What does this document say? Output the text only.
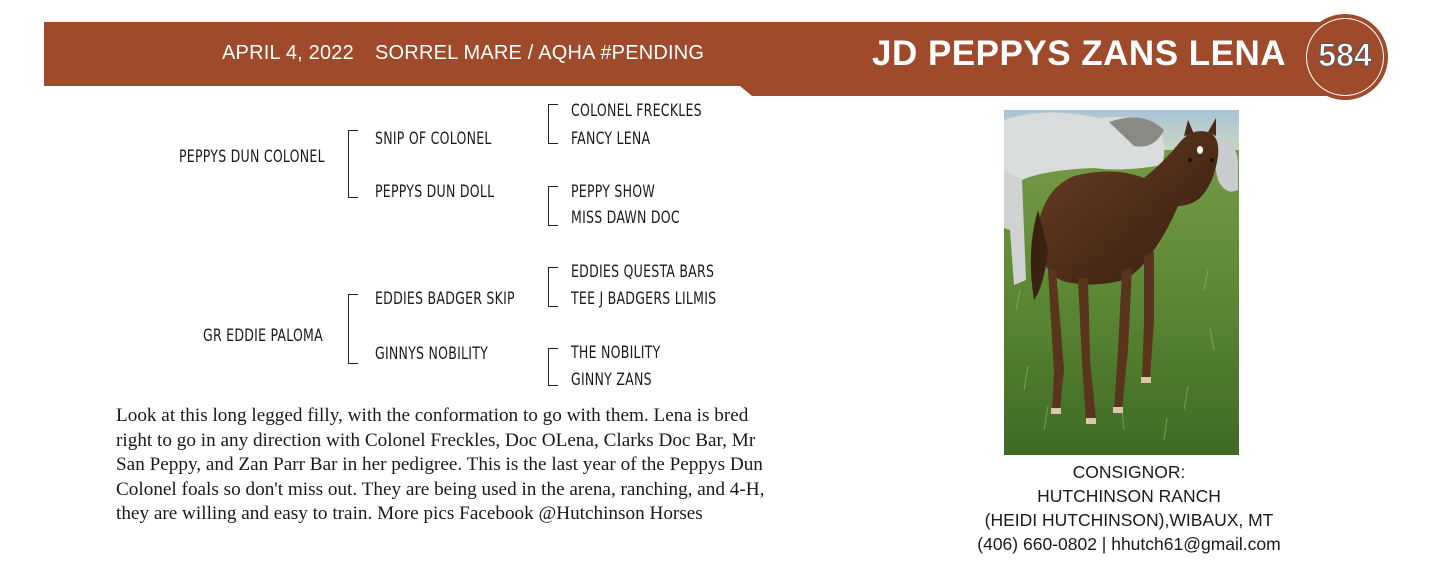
APRIL 4, 2022 SORREL MARE / AQHA #PENDING	JD PEPPYS ZANS LENA	584
PEPPYS DUN COLONEL
SNIP OF COLONEL
PEPPYS DUN DOLL
COLONEL FRECKLES
FANCY LENA
PEPPY SHOW
MISS DAWN DOC
GR EDDIE PALOMA
EDDIES BADGER SKIP
GINNYS NOBILITY
EDDIES QUESTA BARS
TEE J BADGERS LILMIS
THE NOBILITY
GINNY ZANS
Look at this long legged filly, with the conformation to go with them. Lena is bred
right to go in any direction with Colonel Freckles, Doc OLena, Clarks Doc Bar, Mr
San Peppy, and Zan Parr Bar in her pedigree. This is the last year of the Peppys Dun
Colonel foals so don't miss out. They are being used in the arena, ranching, and 4-H,
they are willing and easy to train. More pics Facebook @Hutchinson Horses
CONSIGNOR:
HUTCHINSON RANCH
(HEIDI HUTCHINSON),WIBAUX, MT
(406) 660-0802 | hhutch61@gmail.com
